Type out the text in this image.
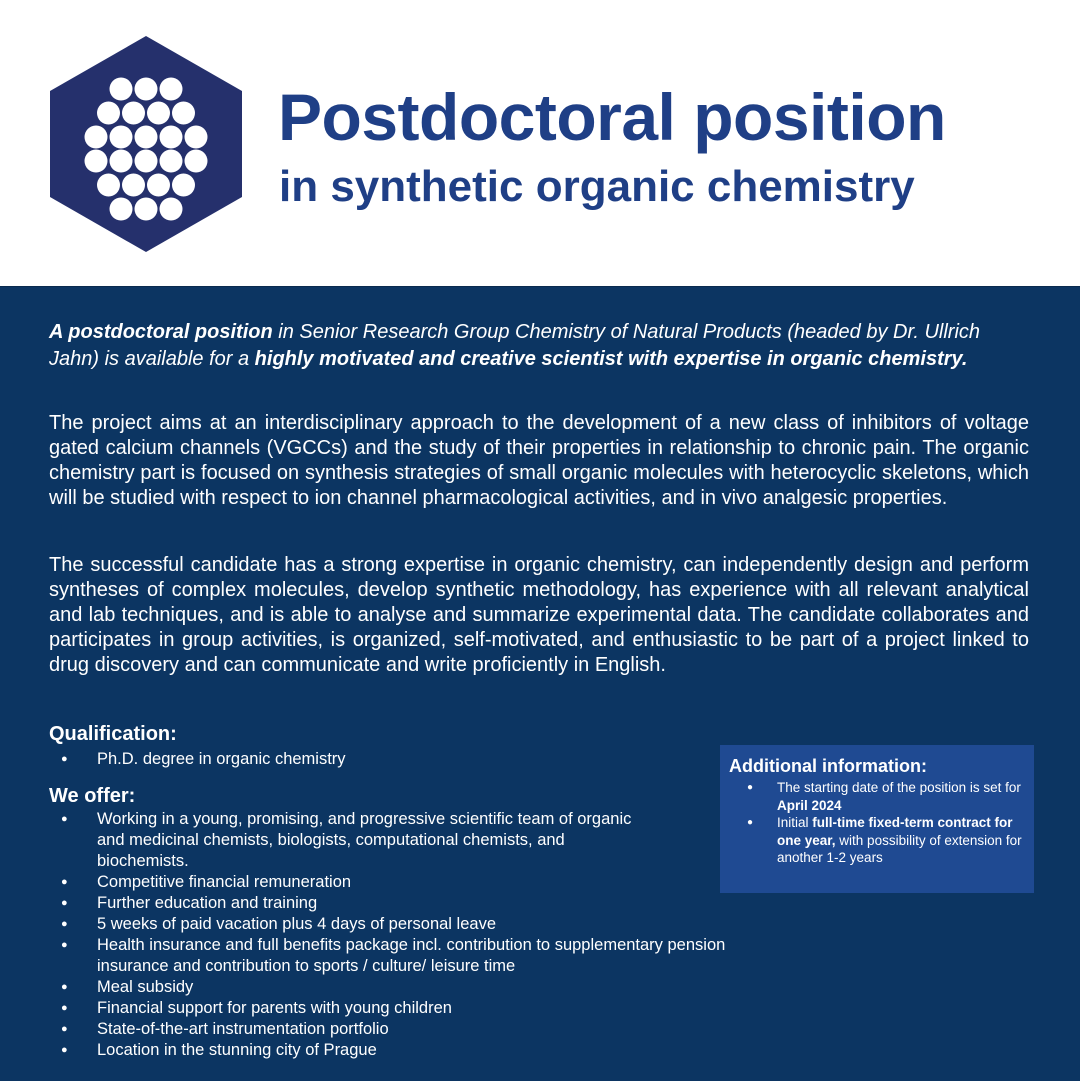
Postdoctoral position
in synthetic organic chemistry

A postdoctoral position in Senior Research Group Chemistry of Natural Products (headed by Dr. Ullrich Jahn) is available for a highly motivated and creative scientist with expertise in organic chemistry.

The project aims at an interdisciplinary approach to the development of a new class of inhibitors of voltage gated calcium channels (VGCCs) and the study of their properties in relationship to chronic pain. The organic chemistry part is focused on synthesis strategies of small organic molecules with heterocyclic skeletons, which will be studied with respect to ion channel pharmacological activities, and in vivo analgesic properties.

The successful candidate has a strong expertise in organic chemistry, can independently design and perform syntheses of complex molecules, develop synthetic methodology, has experience with all relevant analytical and lab techniques, and is able to analyse and summarize experimental data. The candidate collaborates and participates in group activities, is organized, self-motivated, and enthusiastic to be part of a project linked to drug discovery and can communicate and write proficiently in English.

Qualification:
● Ph.D. degree in organic chemistry
We offer:
● Working in a young, promising, and progressive scientific team of organic and medicinal chemists, biologists, computational chemists, and biochemists.
● Competitive financial remuneration
● Further education and training
● 5 weeks of paid vacation plus 4 days of personal leave
● Health insurance and full benefits package incl. contribution to supplementary pension insurance and contribution to sports / culture/ leisure time
● Meal subsidy
● Financial support for parents with young children
● State-of-the-art instrumentation portfolio
● Location in the stunning city of Prague
Additional information:
● The starting date of the position is set for April 2024
● Initial full-time fixed-term contract for one year, with possibility of extension for another 1-2 years
